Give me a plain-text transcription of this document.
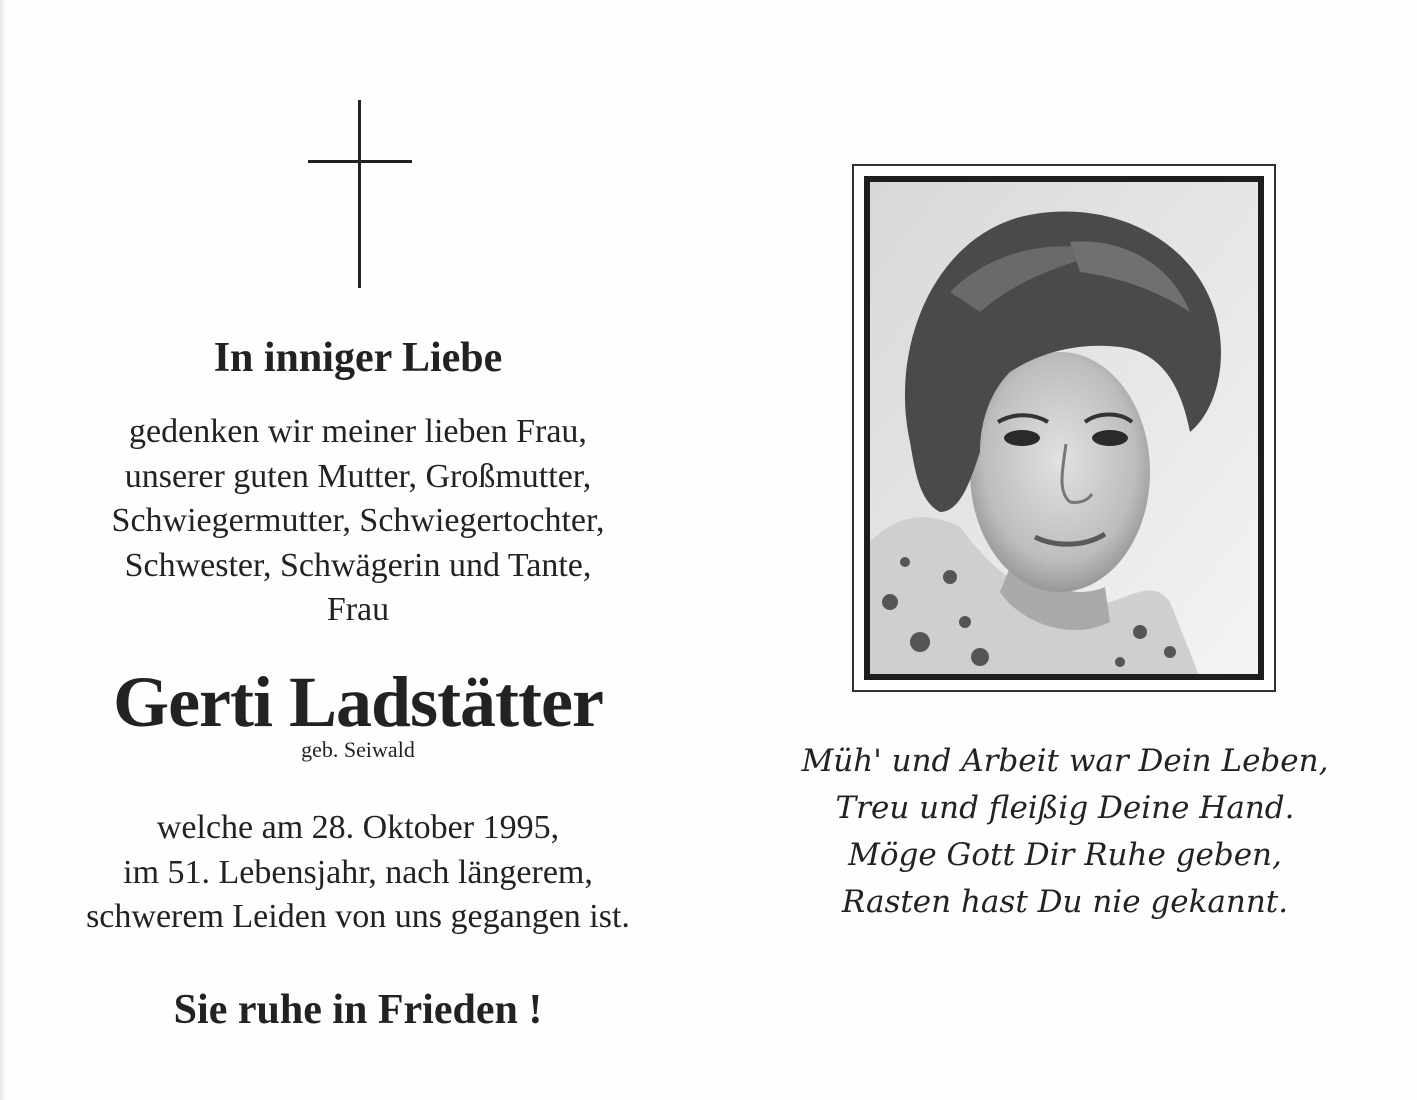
In inniger Liebe
gedenken wir meiner lieben Frau,
unserer guten Mutter, Großmutter,
Schwiegermutter, Schwiegertochter,
Schwester, Schwägerin und Tante,
Frau
Gerti Ladstätter
geb. Seiwald
welche am 28. Oktober 1995,
im 51. Lebensjahr, nach längerem,
schwerem Leiden von uns gegangen ist.
Sie ruhe in Frieden !
Müh' und Arbeit war Dein Leben,
Treu und fleißig Deine Hand.
Möge Gott Dir Ruhe geben,
Rasten hast Du nie gekannt.
